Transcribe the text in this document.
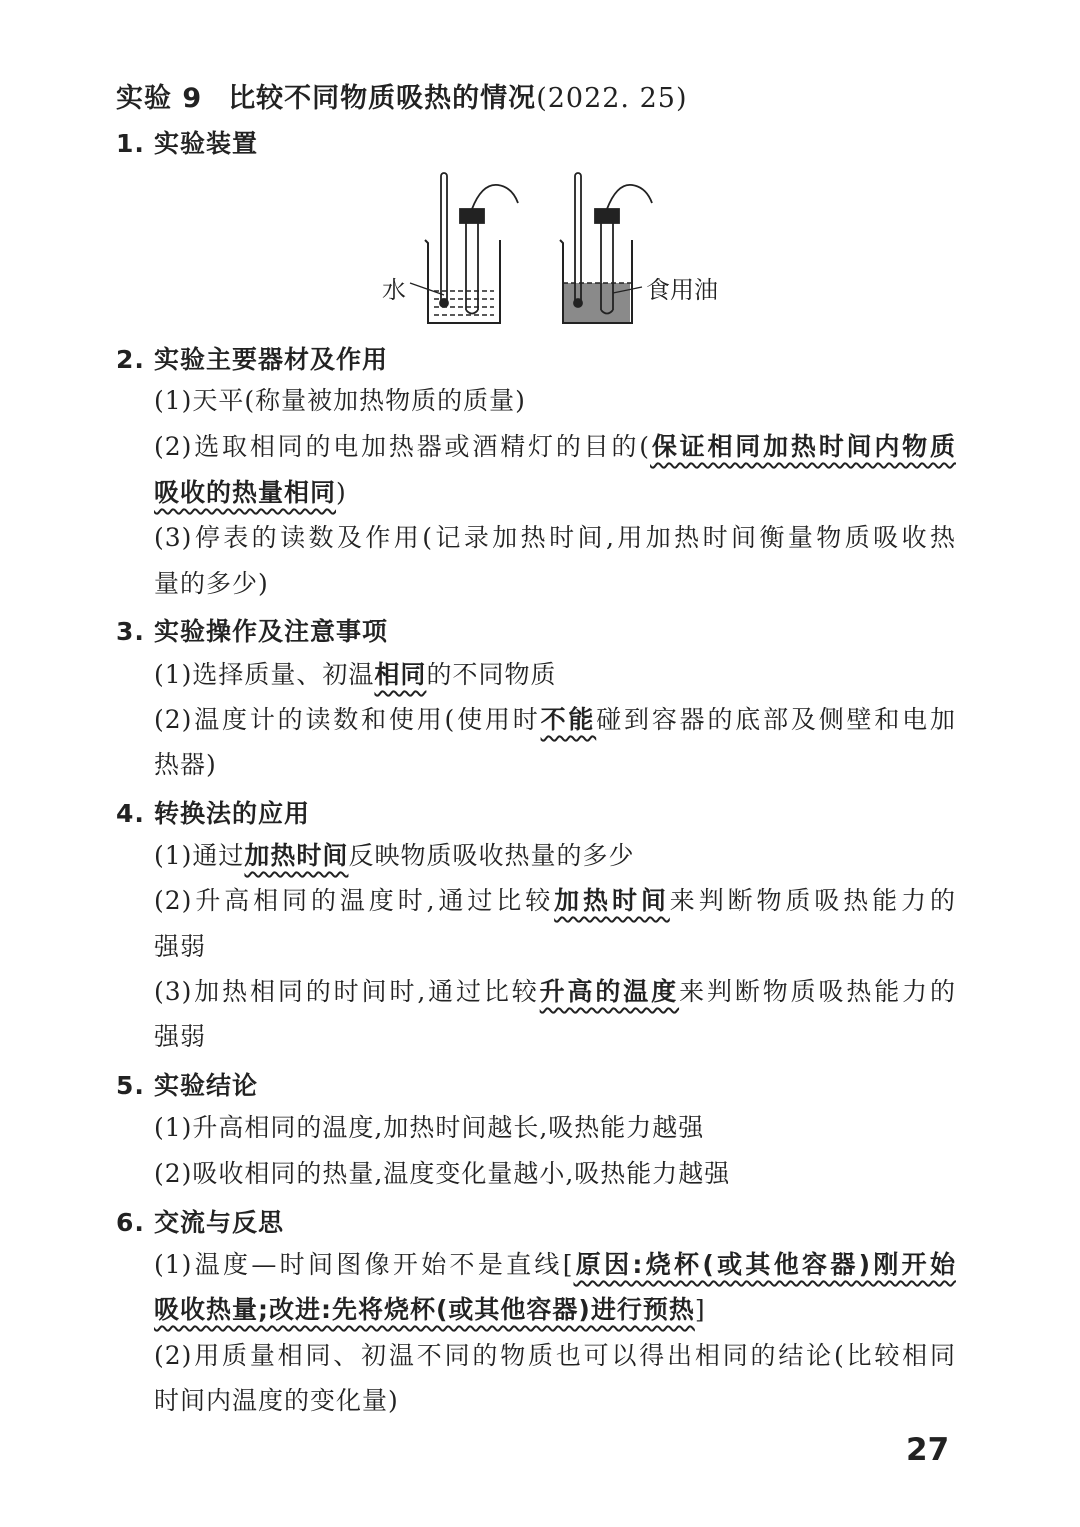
实验 9 比较不同物质吸热的情况(2022. 25)
1. 实验装置
水	食用油
2. 实验主要器材及作用
(1)天平(称量被加热物质的质量)
(2)选取相同的电加热器或酒精灯的目的(保证相同加热时间内物质
吸收的热量相同)
(3)停表的读数及作用(记录加热时间,用加热时间衡量物质吸收热
量的多少)
3. 实验操作及注意事项
(1)选择质量、初温相同的不同物质
(2)温度计的读数和使用(使用时不能碰到容器的底部及侧壁和电加
热器)
4. 转换法的应用
(1)通过加热时间反映物质吸收热量的多少
(2)升高相同的温度时,通过比较加热时间来判断物质吸热能力的
强弱
(3)加热相同的时间时,通过比较升高的温度来判断物质吸热能力的
强弱
5. 实验结论
(1)升高相同的温度,加热时间越长,吸热能力越强
(2)吸收相同的热量,温度变化量越小,吸热能力越强
6. 交流与反思
(1)温度—时间图像开始不是直线[原因:烧杯(或其他容器)刚开始
吸收热量;改进:先将烧杯(或其他容器)进行预热]
(2)用质量相同、初温不同的物质也可以得出相同的结论(比较相同
时间内温度的变化量)
27
